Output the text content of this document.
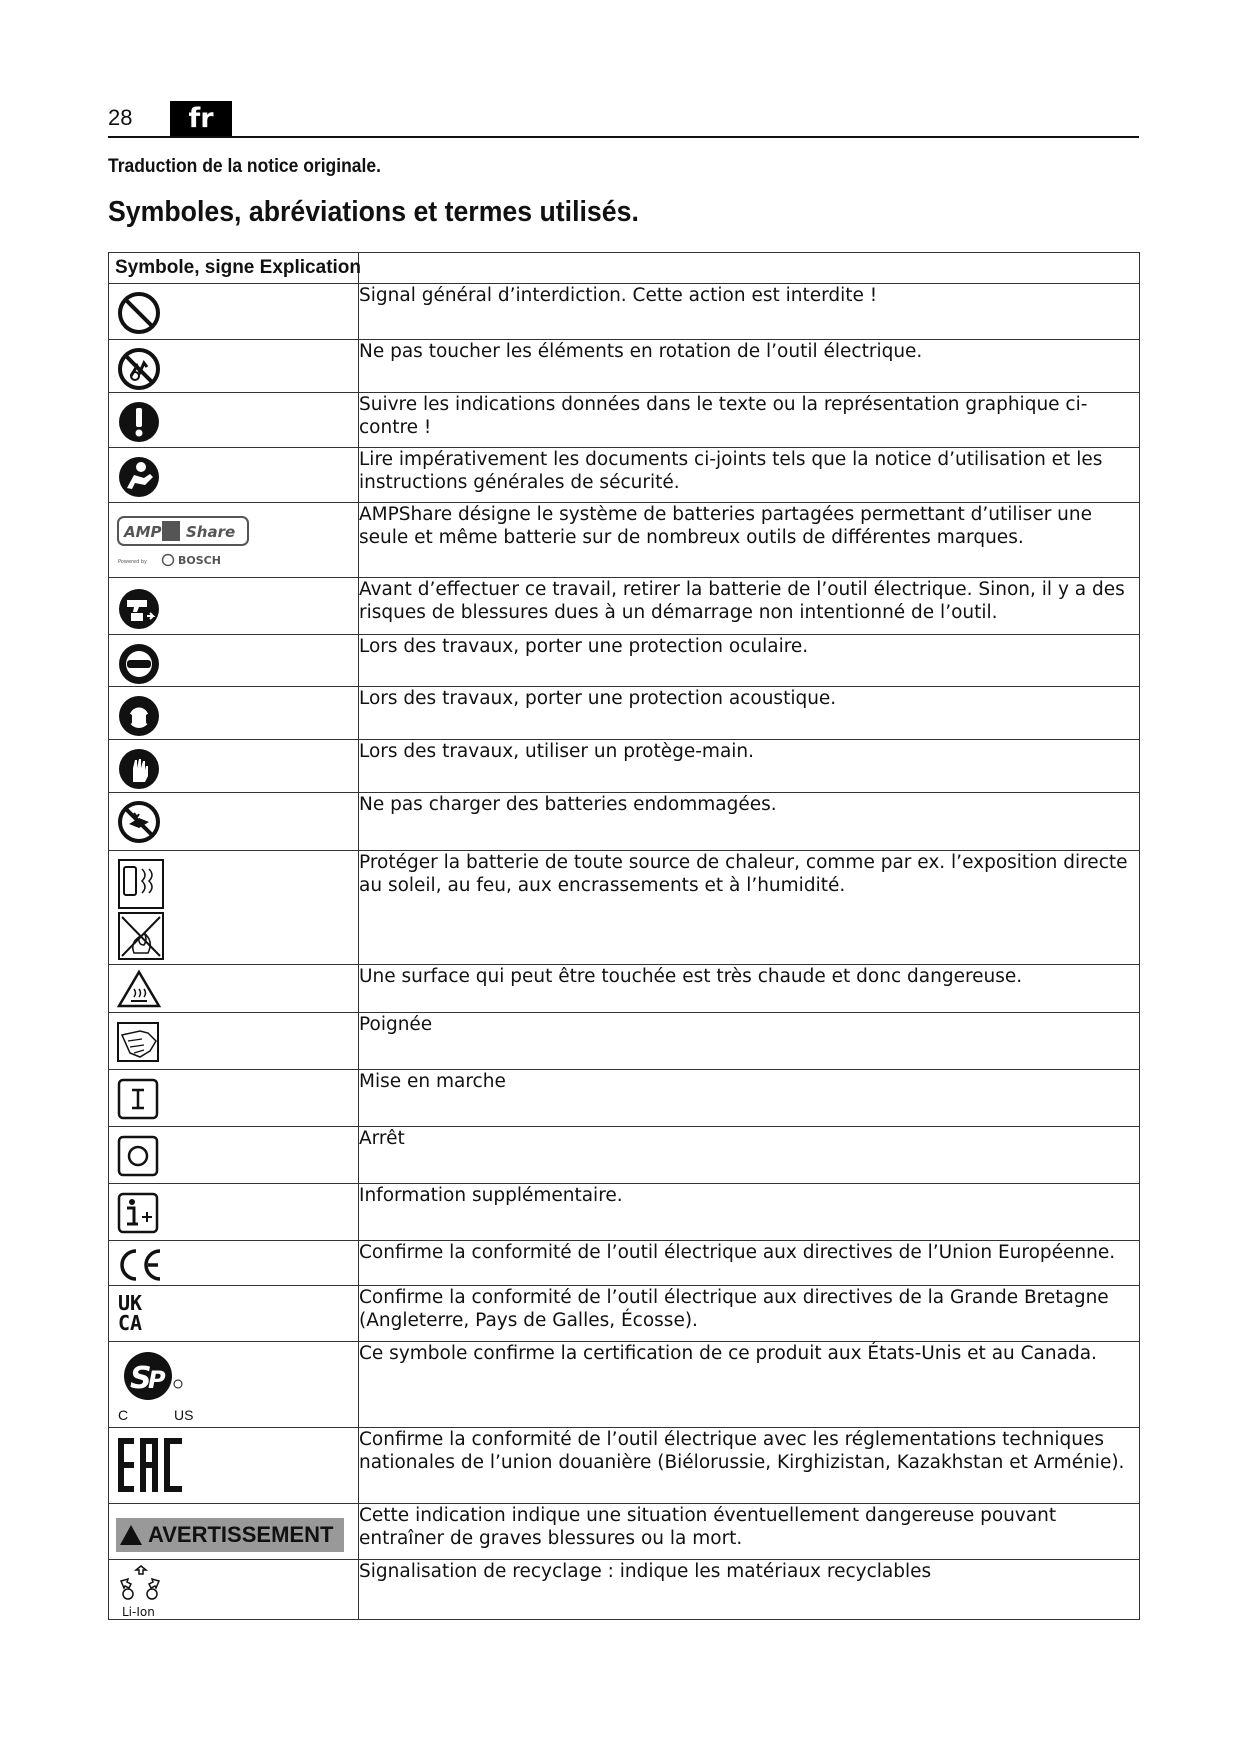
28	fr
Traduction de la notice originale.
Symboles, abréviations et termes utilisés.
Symbole, signe Explication	

	Signal général d’interdiction. Cette action est interdite !

	Ne pas toucher les éléments en rotation de l’outil électrique.

	Suivre les indications données dans le texte ou la représentation graphique ci-contre !

	Lire impérativement les documents ci-joints tels que la notice d’utilisation et les instructions générales de sécurité.

AMP Share
Powered by BOSCH	AMPShare désigne le système de batteries partagées permettant d’utiliser une seule et même batterie sur de nombreux outils de différentes marques.

	Avant d’effectuer ce travail, retirer la batterie de l’outil électrique. Sinon, il y a des risques de blessures dues à un démarrage non intentionné de l’outil.

	Lors des travaux, porter une protection oculaire.

	Lors des travaux, porter une protection acoustique.

	Lors des travaux, utiliser un protège-main.

	Ne pas charger des batteries endommagées.

	Protéger la batterie de toute source de chaleur, comme par ex. l’exposition directe au soleil, au feu, aux encrassements et à l’humidité.

	Une surface qui peut être touchée est très chaude et donc dangereuse.

	Poignée

	Mise en marche

	Arrêt

	Information supplémentaire.

	Confirme la conformité de l’outil électrique aux directives de l’Union Européenne.

UK
CA	Confirme la conformité de l’outil électrique aux directives de la Grande Bretagne (Angleterre, Pays de Galles, Écosse).

S
P
C US	Ce symbole confirme la certification de ce produit aux États-Unis et au Canada.

	Confirme la conformité de l’outil électrique avec les réglementations techniques nationales de l’union douanière (Biélorussie, Kirghizistan, Kazakhstan et Arménie).

AVERTISSEMENT	Cette indication indique une situation éventuellement dangereuse pouvant entraîner de graves blessures ou la mort.

Li-Ion	Signalisation de recyclage : indique les matériaux recyclables
